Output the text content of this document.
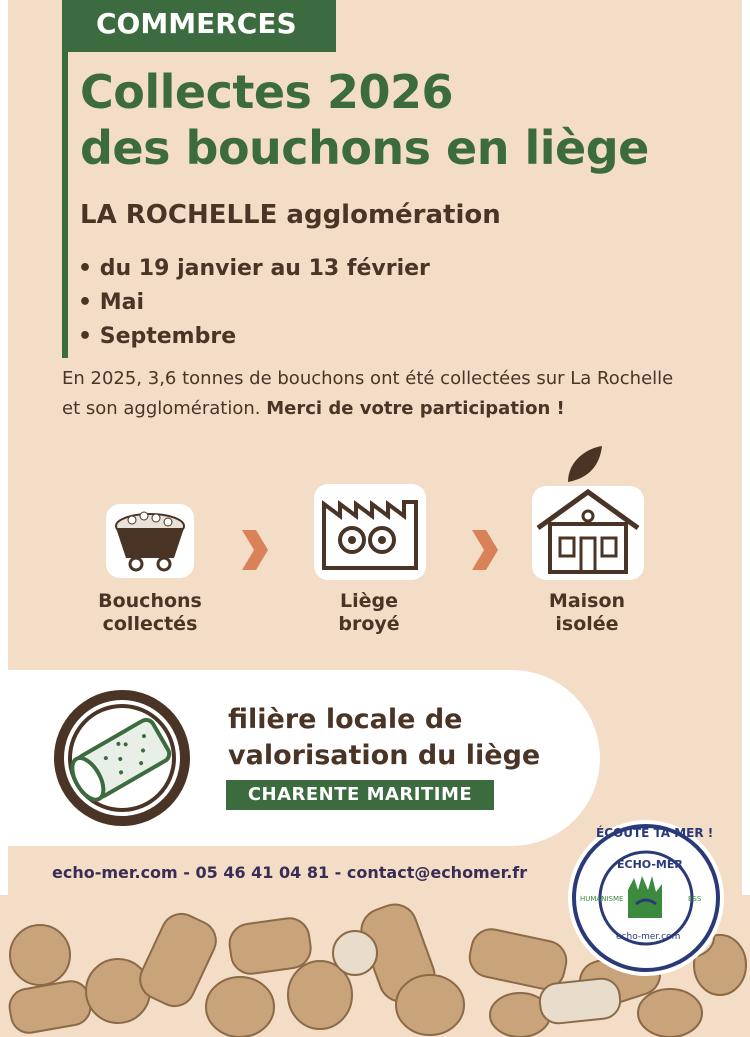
COMMERCES
Collectes 2026
des bouchons en liège
LA ROCHELLE agglomération
• du 19 janvier au 13 février
• Mai
• Septembre

En 2025, 3,6 tonnes de bouchons ont été collectées sur La Rochelle et son agglomération. Merci de votre participation !

Bouchons
collectés
Liège
broyé
Maison
isolée
filière locale de
valorisation du liège
CHARENTE MARITIME
echo-mer.com - 05 46 41 04 81 - contact@echomer.fr
ÉCOUTE TA MER !
ECHO-MER
echo-mer.com
HUMANISME	ESS
